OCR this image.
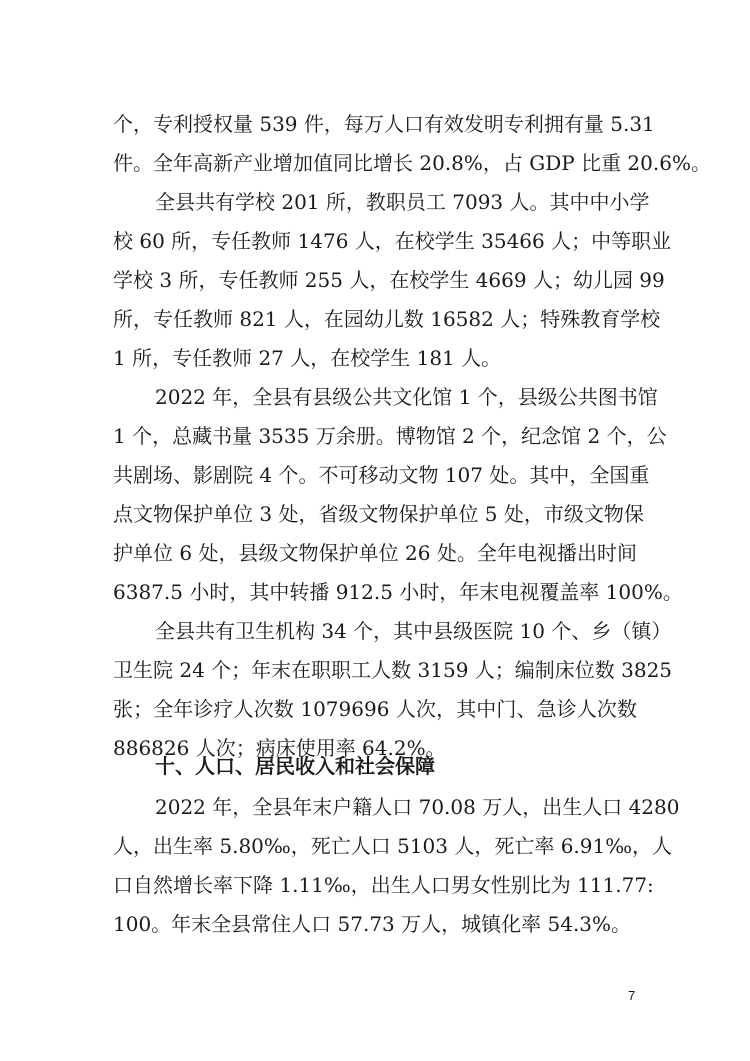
个，专利授权量 539 件，每万人口有效发明专利拥有量 5.31
件。全年高新产业增加值同比增长 20.8%，占 GDP 比重 20.6%。
全县共有学校 201 所，教职员工 7093 人。其中中小学
校 60 所，专任教师 1476 人，在校学生 35466 人；中等职业
学校 3 所，专任教师 255 人，在校学生 4669 人；幼儿园 99
所，专任教师 821 人，在园幼儿数 16582 人；特殊教育学校
1 所，专任教师 27 人，在校学生 181 人。
2022 年，全县有县级公共文化馆 1 个，县级公共图书馆
1 个，总藏书量 3535 万余册。博物馆 2 个，纪念馆 2 个，公
共剧场、影剧院 4 个。不可移动文物 107 处。其中，全国重
点文物保护单位 3 处，省级文物保护单位 5 处，市级文物保
护单位 6 处，县级文物保护单位 26 处。全年电视播出时间
6387.5 小时，其中转播 912.5 小时，年末电视覆盖率 100%。
全县共有卫生机构 34 个，其中县级医院 10 个、乡（镇）
卫生院 24 个；年末在职职工人数 3159 人；编制床位数 3825
张；全年诊疗人次数 1079696 人次，其中门、急诊人次数
886826 人次；病床使用率 64.2%。
十、人口、居民收入和社会保障
2022 年，全县年末户籍人口 70.08 万人，出生人口 4280
人，出生率 5.80‰，死亡人口 5103 人，死亡率 6.91‰，人
口自然增长率下降 1.11‰，出生人口男女性别比为 111.77:
100。年末全县常住人口 57.73 万人，城镇化率 54.3%。
7
